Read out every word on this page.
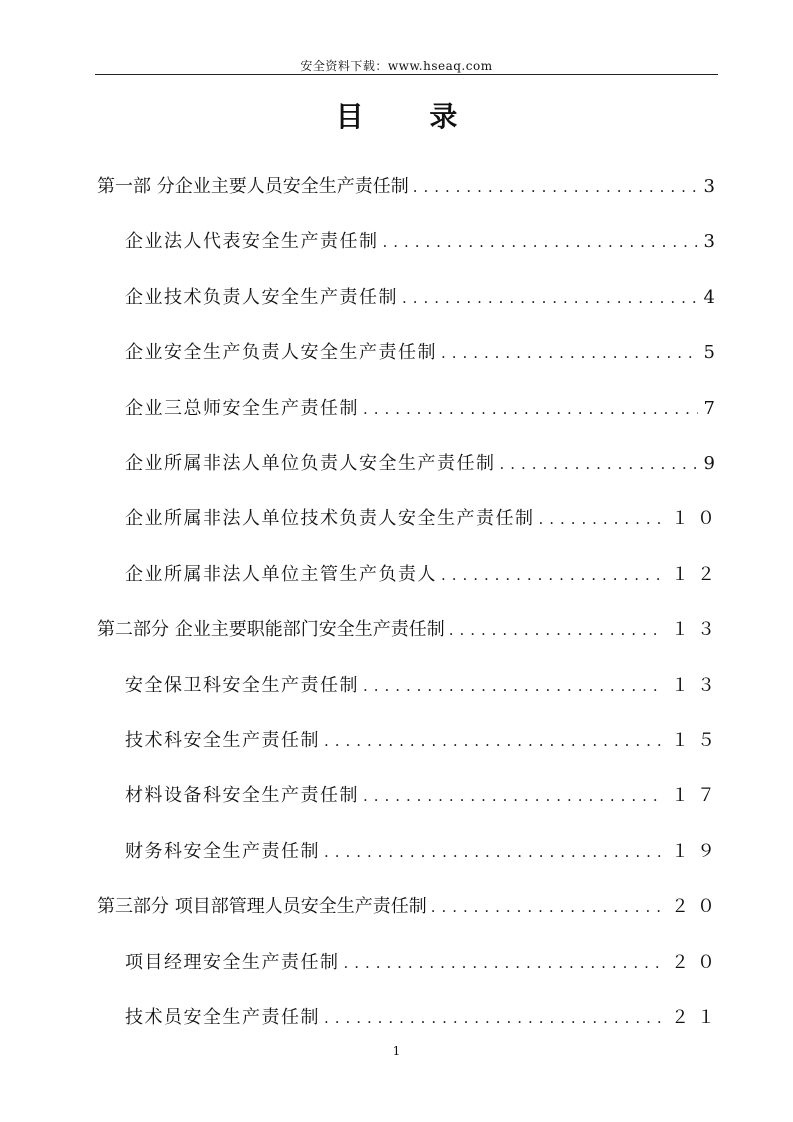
安全资料下载：www.hseaq.com
目 录
第一部 分企业主要人员安全生产责任制 . . .	3
企业法人代表安全生产责任制 . . .	3
企业技术负责人安全生产责任制 . . .	4
企业安全生产负责人安全生产责任制 . . .	5
企业三总师安全生产责任制 . . .	7
企业所属非法人单位负责人安全生产责任制 . . .	9
企业所属非法人单位技术负责人安全生产责任制 . . .	１０
企业所属非法人单位主管生产负责人 . . .	１２
第二部分 企业主要职能部门安全生产责任制 . . .	１３
安全保卫科安全生产责任制 . . .	１３
技术科安全生产责任制 . . .	１５
材料设备科安全生产责任制 . . .	１７
财务科安全生产责任制 . . .	１９
第三部分 项目部管理人员安全生产责任制 . . .	２０
项目经理安全生产责任制 . . .	２０
技术员安全生产责任制 . . .	２１
1
